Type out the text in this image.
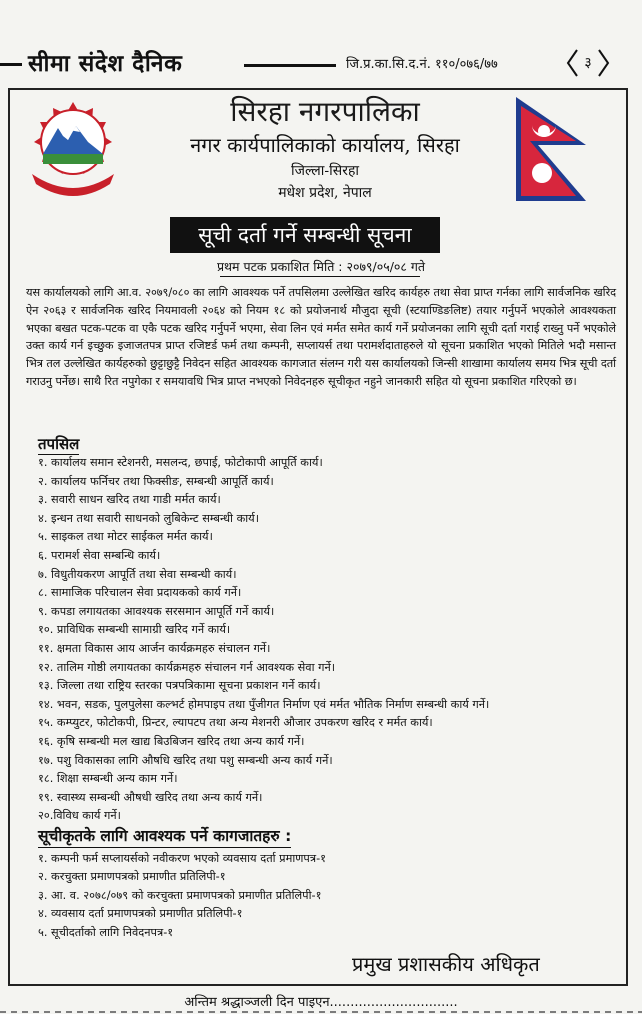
सीमा संदेश दैनिक	जि.प्र.का.सि.द.नं. ११०/०७६/७७	३
सिरहा नगरपालिका
नगर कार्यपालिकाको कार्यालय, सिरहा
जिल्ला-सिरहा
मधेश प्रदेश, नेपाल
सूची दर्ता गर्ने सम्बन्धी सूचना
प्रथम पटक प्रकाशित मिति : २०७९/०५/०८ गते
यस कार्यालयको लागि आ.व. २०७९/०८० का लागि आवश्यक पर्ने तपसिलमा उल्लेखित खरिद कार्यहरु तथा सेवा प्राप्त गर्नका लागि सार्वजनिक खरिद ऐन २०६३ र सार्वजनिक खरिद नियमावली २०६४ को नियम १८ को प्रयोजनार्थ मौजुदा सूची (स्टयाण्डिङलिष्ट) तयार गर्नुपर्ने भएकोले आवश्यकता भएका बखत पटक-पटक वा एकै पटक खरिद गर्नुपर्ने भएमा, सेवा लिन एवं मर्मत समेत कार्य गर्ने प्रयोजनका लागि सूची दर्ता गराई राख्नु पर्ने भएकोले उक्त कार्य गर्न इच्छुक इजाजतपत्र प्राप्त रजिष्टर्ड फर्म तथा कम्पनी, सप्लायर्स तथा परामर्शदाताहरुले यो सूचना प्रकाशित भएको मितिले भदौ मसान्त भित्र तल उल्लेखित कार्यहरुको छुट्टाछुट्टै निवेदन सहित आवश्यक कागजात संलग्न गरी यस कार्यालयको जिन्सी शाखामा कार्यालय समय भित्र सूची दर्ता गराउनु पर्नेछ। साथै रित नपुगेका र समयावधि भित्र प्राप्त नभएको निवेदनहरु सूचीकृत नहुने जानकारी सहित यो सूचना प्रकाशित गरिएको छ।
तपसिल
१. कार्यालय समान स्टेशनरी, मसलन्द, छपाई, फोटोकापी आपूर्ति कार्य।
२. कार्यालय फर्निचर तथा फिक्सीङ, सम्बन्धी आपूर्ति कार्य।
३. सवारी साधन खरिद तथा गाडी मर्मत कार्य।
४. इन्धन तथा सवारी साधनको लुबिकेन्ट सम्बन्धी कार्य।
५. साइकल तथा मोटर साईकल मर्मत कार्य।
६. परामर्श सेवा सम्बन्धि कार्य।
७. विधुतीयकरण आपूर्ति तथा सेवा सम्बन्धी कार्य।
८. सामाजिक परिचालन सेवा प्रदायकको कार्य गर्ने।
९. कपडा लगायतका आवश्यक सरसमान आपूर्ति गर्ने कार्य।
१०. प्राविधिक सम्बन्धी सामाग्री खरिद गर्ने कार्य।
११. क्षमता विकास आय आर्जन कार्यक्रमहरु संचालन गर्ने।
१२. तालिम गोष्ठी लगायतका कार्यक्रमहरु संचालन गर्न आवश्यक सेवा गर्ने।
१३. जिल्ला तथा राष्ट्रिय स्तरका पत्रपत्रिकामा सूचना प्रकाशन गर्ने कार्य।
१४. भवन, सडक, पुलपुलेसा कल्भर्ट होमपाइप तथा पुँजीगत निर्माण एवं मर्मत भौतिक निर्माण सम्बन्धी कार्य गर्ने।
१५. कम्प्युटर, फोटोकपी, प्रिन्टर, ल्यापटप तथा अन्य मेशनरी औजार उपकरण खरिद र मर्मत कार्य।
१६. कृषि सम्बन्धी मल खाद्य बिउबिजन खरिद तथा अन्य कार्य गर्ने।
१७. पशु विकासका लागि औषधि खरिद तथा पशु सम्बन्धी अन्य कार्य गर्ने।
१८. शिक्षा सम्बन्धी अन्य काम गर्ने।
१९. स्वास्थ्य सम्बन्धी औषधी खरिद तथा अन्य कार्य गर्ने।
२०.विविध कार्य गर्ने।
सूचीकृतके लागि आवश्यक पर्ने कागजातहरु :
१. कम्पनी फर्म सप्लायर्सको नवीकरण भएको व्यवसाय दर्ता प्रमाणपत्र-१
२. करचुक्ता प्रमाणपत्रको प्रमाणीत प्रतिलिपी-१
३. आ. व. २०७८/०७९ को करचुक्ता प्रमाणपत्रको प्रमाणीत प्रतिलिपी-१
४. व्यवसाय दर्ता प्रमाणपत्रको प्रमाणीत प्रतिलिपी-१
५. सूचीदर्ताको लागि निवेदनपत्र-१
प्रमुख प्रशासकीय अधिकृत
अन्तिम श्रद्धाञ्जली दिन पाइएन...............................
